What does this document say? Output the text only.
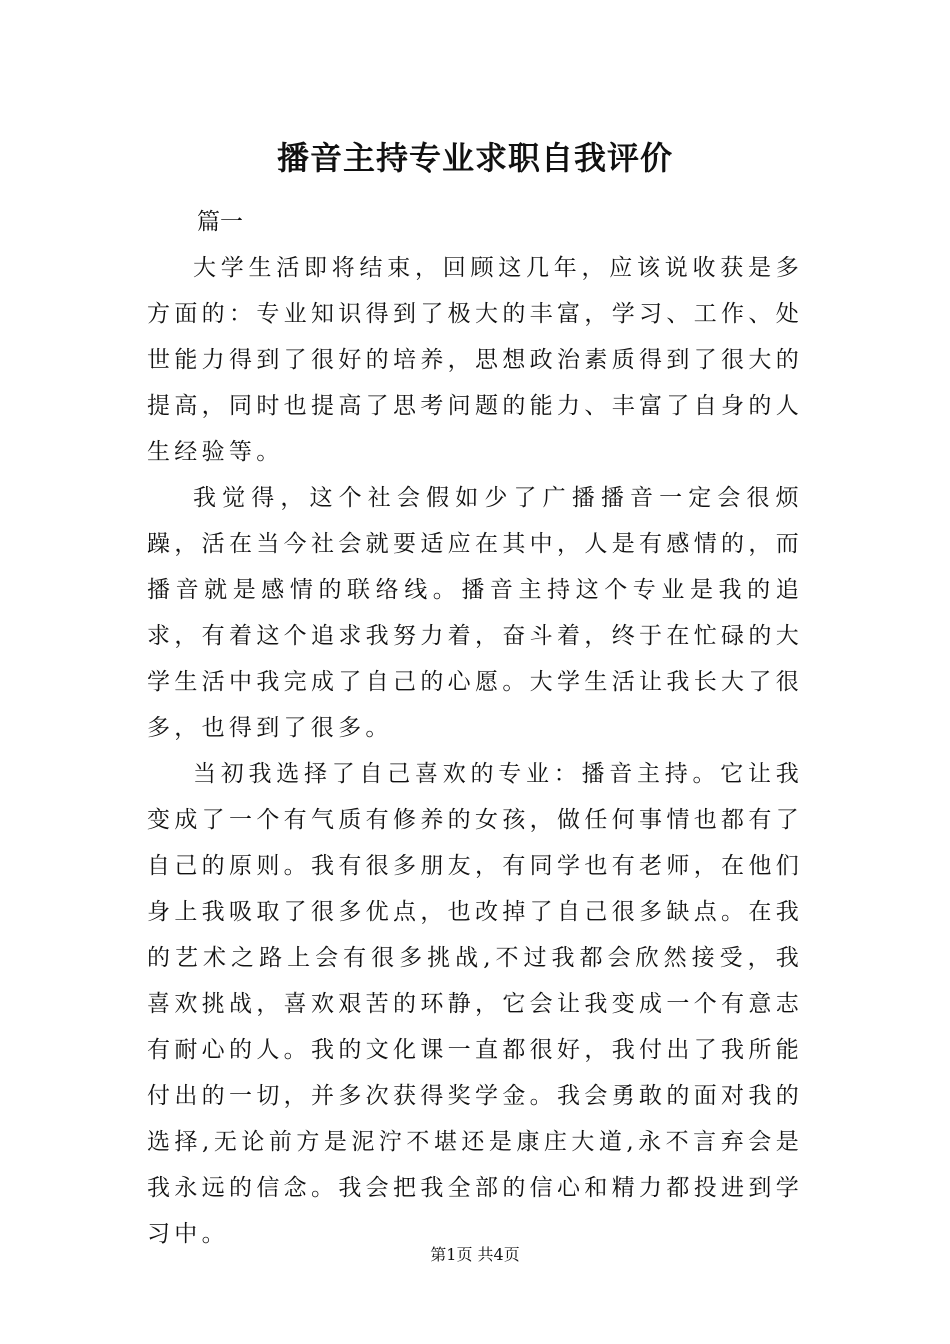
播音主持专业求职自我评价

篇一

大学生活即将结束，回顾这几年，应该说收获是多方面的：专业知识得到了极大的丰富，学习、工作、处世能力得到了很好的培养，思想政治素质得到了很大的提高，同时也提高了思考问题的能力、丰富了自身的人生经验等。

我觉得，这个社会假如少了广播播音一定会很烦躁，活在当今社会就要适应在其中，人是有感情的，而播音就是感情的联络线。播音主持这个专业是我的追求，有着这个追求我努力着，奋斗着，终于在忙碌的大学生活中我完成了自己的心愿。大学生活让我长大了很多，也得到了很多。

当初我选择了自己喜欢的专业：播音主持。它让我变成了一个有气质有修养的女孩，做任何事情也都有了自己的原则。我有很多朋友，有同学也有老师，在他们身上我吸取了很多优点，也改掉了自己很多缺点。在我的艺术之路上会有很多挑战,不过我都会欣然接受，我喜欢挑战，喜欢艰苦的环静，它会让我变成一个有意志有耐心的人。我的文化课一直都很好，我付出了我所能付出的一切，并多次获得奖学金。我会勇敢的面对我的选择,无论前方是泥泞不堪还是康庄大道,永不言弃会是我永远的信念。我会把我全部的信心和精力都投进到学习中。

第1页 共4页
